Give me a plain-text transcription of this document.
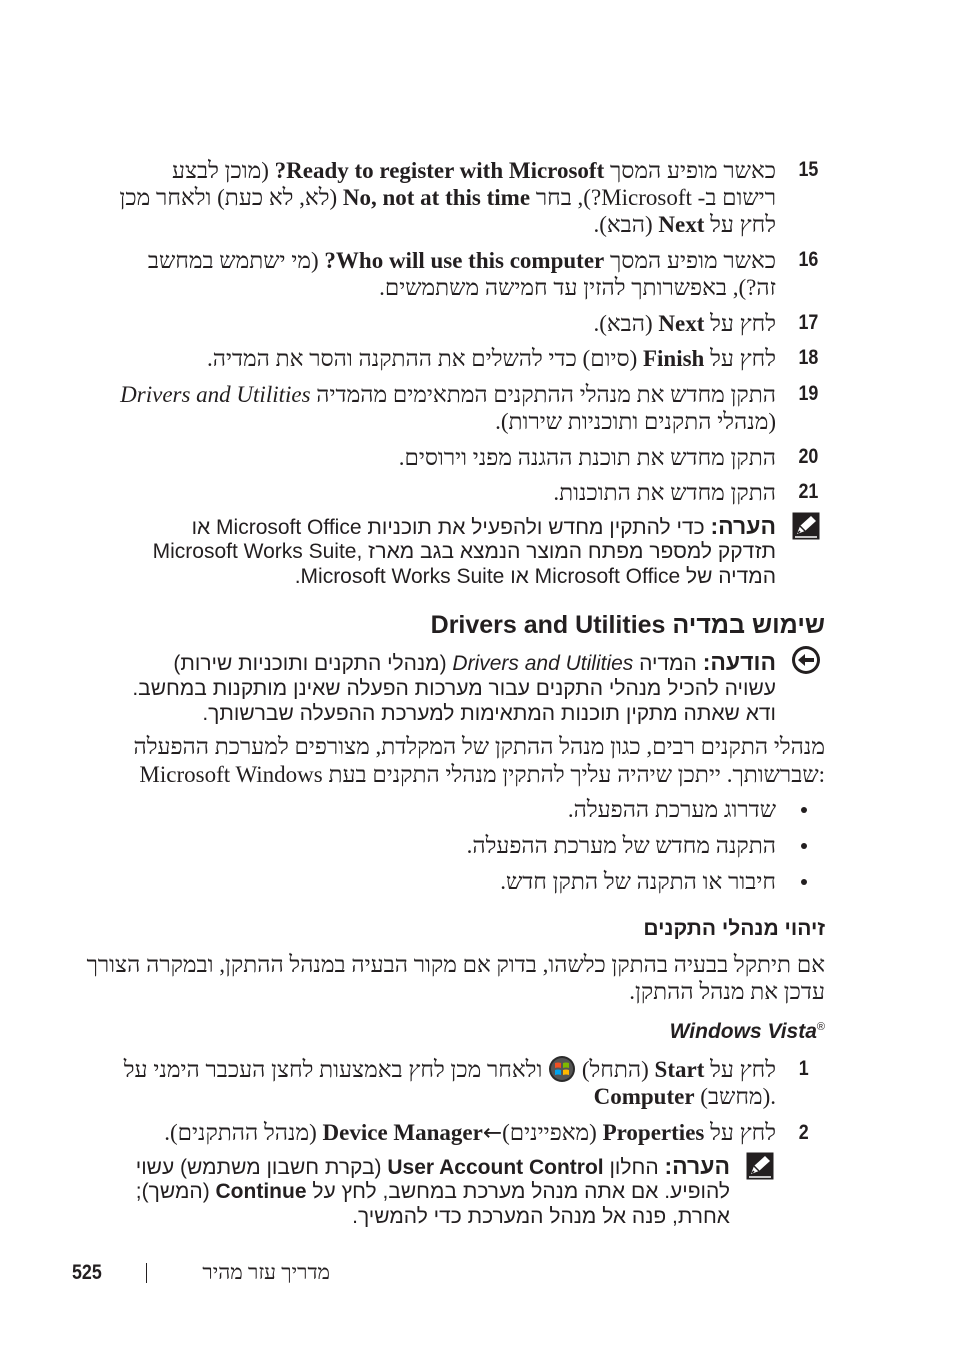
15
כאשר מופיע המסך Ready to register with Microsoft? (מוכן לבצע
רישום ב- Microsoft?), בחר No, not at this time (לא, לא כעת) ולאחר מכן
לחץ על Next (הבא).
16
כאשר מופיע המסך Who will use this computer? (מי ישתמש במחשב
זה?), באפשרותך להזין עד חמישה משתמשים.
17
לחץ על Next (הבא).
18
לחץ על Finish (סיום) כדי להשלים את ההתקנה והסר את המדיה.
19
התקן מחדש את מנהלי ההתקנים המתאימים מהמדיה Drivers and Utilities
(מנהלי התקנים ותוכניות שירות).
20
התקן מחדש את תוכנת ההגנה מפני וירוסים.
21
התקן מחדש את התוכנות.
הערה: כדי להתקין מחדש ולהפעיל את תוכניות Microsoft Office או
Microsoft Works Suite, תזדקק למספר מפתח המוצר הנמצא בגב מארז
המדיה של Microsoft Office או Microsoft Works Suite.
שימוש במדיה Drivers and Utilities
הודעה: המדיה Drivers and Utilities (מנהלי התקנים ותוכניות שירות)
עשויה להכיל מנהלי התקנים עבור מערכות הפעלה שאינן מותקנות במחשב.
ודא שאתה מתקין תוכנות המתאימות למערכת ההפעלה שברשותך.
מנהלי התקנים רבים, כגון מנהל ההתקן של המקלדת, מצורפים למערכת ההפעלה
Microsoft Windows שברשותך. ייתכן שיהיה עליך להתקין מנהלי התקנים בעת:
שדרוג מערכת ההפעלה.
התקנה מחדש של מערכת ההפעלה.
חיבור או התקנה של התקן חדש.
זיהוי מנהלי התקנים
אם תיתקל בבעיה בהתקן כלשהו, בדוק אם מקור הבעיה במנהל ההתקן, ובמקרה הצורך
עדכן את מנהל ההתקן.
Windows Vista®
1
לחץ על Start (התחל)  ולאחר מכן לחץ באמצעות לחצן העכבר הימני על
Computer (מחשב).
2
לחץ על Properties (מאפיינים)←Device Manager (מנהל ההתקנים).
הערה: החלון User Account Control (בקרת חשבון משתמש) עשוי
להופיע. אם אתה מנהל מערכת במחשב, לחץ על Continue (המשך);
אחרת, פנה אל מנהל המערכת כדי להמשיך.
525	מדריך עזר מהיר
